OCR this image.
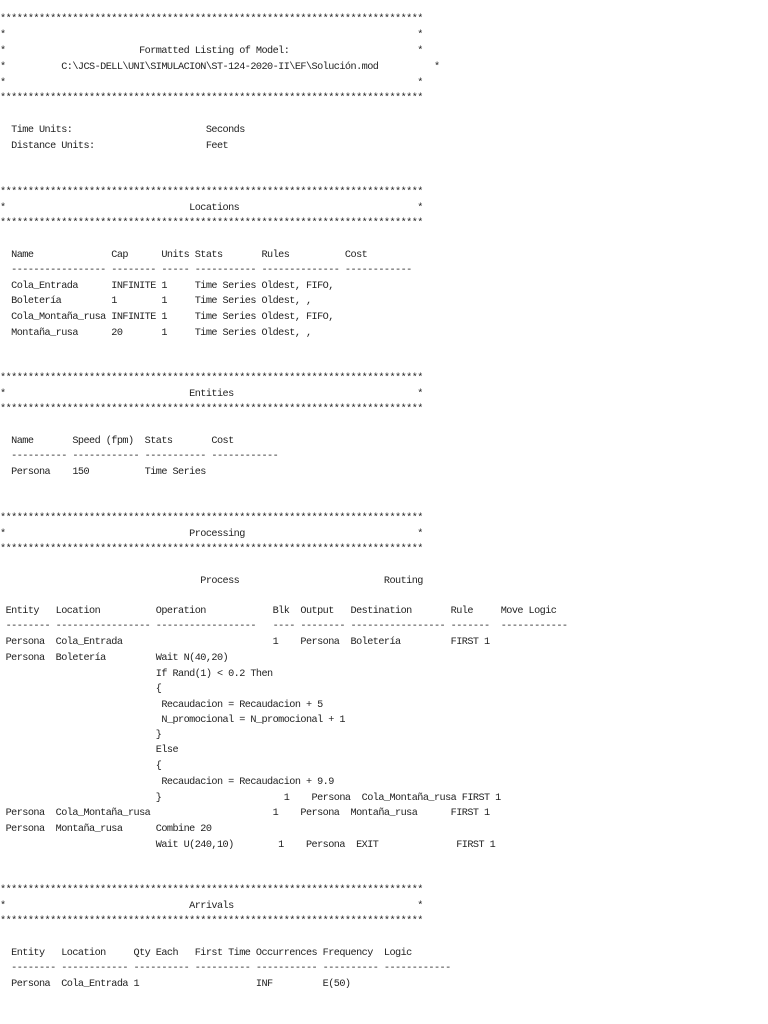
****************************************************************************
*                                                                          *
*                        Formatted Listing of Model:                       *
*          C:\JCS-DELL\UNI\SIMULACION\ST-124-2020-II\EF\Solución.mod          *
*                                                                          *
****************************************************************************
Time Units:                        Seconds
Distance Units:                    Feet
****************************************************************************
*                                 Locations                                *
****************************************************************************
Name              Cap      Units Stats       Rules          Cost
----------------- -------- ----- ----------- -------------- ------------
Cola_Entrada      INFINITE 1     Time Series Oldest, FIFO,
Boletería         1        1     Time Series Oldest, ,
Cola_Montaña_rusa INFINITE 1     Time Series Oldest, FIFO,
Montaña_rusa      20       1     Time Series Oldest, ,
****************************************************************************
*                                 Entities                                 *
****************************************************************************
Name       Speed (fpm)  Stats       Cost
---------- ------------ ----------- ------------
Persona    150          Time Series
****************************************************************************
*                                 Processing                               *
****************************************************************************
Process                          Routing
Entity   Location          Operation            Blk  Output   Destination       Rule     Move Logic
-------- ----------------- ------------------   ---- -------- ----------------- -------  ------------
Persona  Cola_Entrada                           1    Persona  Boletería         FIRST 1
Persona  Boletería         Wait N(40,20)
If Rand(1) < 0.2 Then
{
Recaudacion = Recaudacion + 5
N_promocional = N_promocional + 1
}
Else
{
Recaudacion = Recaudacion + 9.9
}                      1    Persona  Cola_Montaña_rusa FIRST 1
Persona  Cola_Montaña_rusa                      1    Persona  Montaña_rusa      FIRST 1
Persona  Montaña_rusa      Combine 20
Wait U(240,10)        1    Persona  EXIT              FIRST 1
****************************************************************************
*                                 Arrivals                                 *
****************************************************************************
Entity   Location     Qty Each   First Time Occurrences Frequency  Logic
-------- ------------ ---------- ---------- ----------- ---------- ------------
Persona  Cola_Entrada 1                     INF         E(50)
